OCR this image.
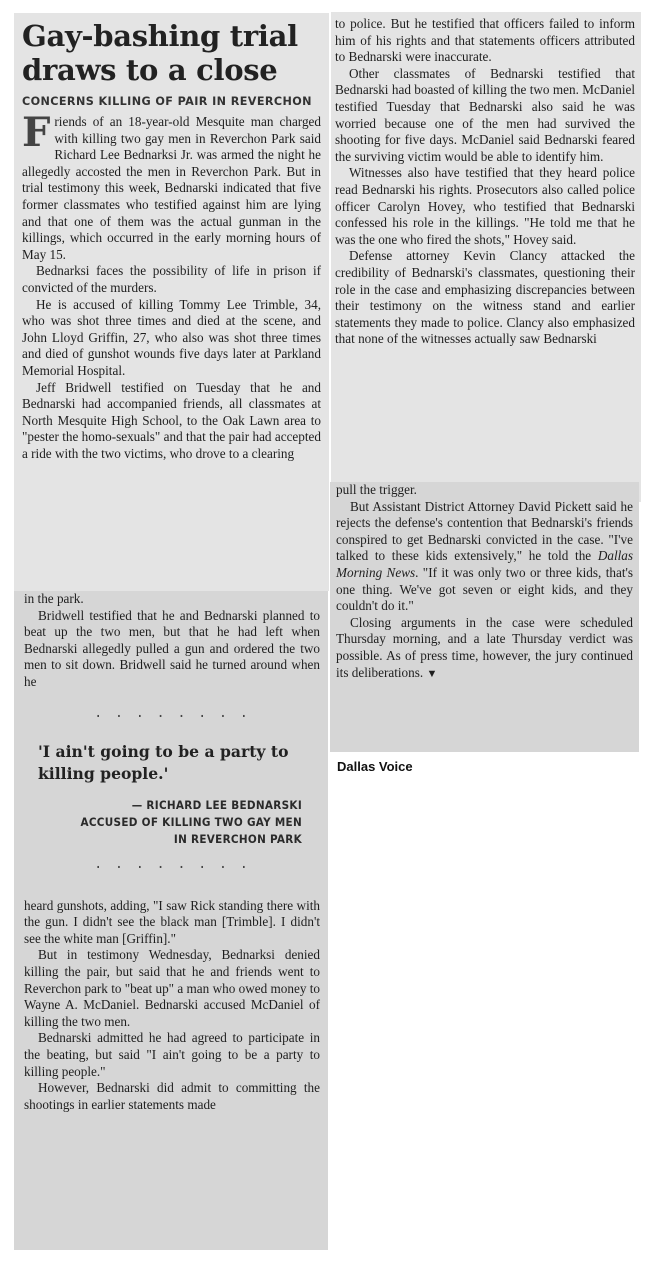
Gay-bashing trial draws to a close
CONCERNS KILLING OF PAIR IN REVERCHON

Friends of an 18-year-old Mesquite man charged with killing two gay men in Reverchon Park said Richard Lee Bednarksi Jr. was armed the night he allegedly accosted the men in Reverchon Park. But in trial testimony this week, Bednarski indicated that five former classmates who testified against him are lying and that one of them was the actual gunman in the killings, which occurred in the early morning hours of May 15.

Bednarksi faces the possibility of life in prison if convicted of the murders.

He is accused of killing Tommy Lee Trimble, 34, who was shot three times and died at the scene, and John Lloyd Griffin, 27, who also was shot three times and died of gunshot wounds five days later at Parkland Memorial Hospital.

Jeff Bridwell testified on Tuesday that he and Bednarski had accompanied friends, all classmates at North Mesquite High School, to the Oak Lawn area to "pester the homo-sexuals" and that the pair had accepted a ride with the two victims, who drove to a clearing

in the park.

Bridwell testified that he and Bednarski planned to beat up the two men, but that he had left when Bednarski allegedly pulled a gun and ordered the two men to sit down. Bridwell said he turned around when he

· · · · · · · ·

'I ain't going to be a party to killing people.'

— RICHARD LEE BEDNARSKI
ACCUSED OF KILLING TWO GAY MEN
IN REVERCHON PARK
· · · · · · · ·

heard gunshots, adding, "I saw Rick standing there with the gun. I didn't see the black man [Trimble]. I didn't see the white man [Griffin]."

But in testimony Wednesday, Bednarksi denied killing the pair, but said that he and friends went to Reverchon park to "beat up" a man who owed money to Wayne A. McDaniel. Bednarski accused McDaniel of killing the two men.

Bednarski admitted he had agreed to participate in the beating, but said "I ain't going to be a party to killing people."

However, Bednarski did admit to committing the shootings in earlier statements made

to police. But he testified that officers failed to inform him of his rights and that statements officers attributed to Bednarski were inaccurate.

Other classmates of Bednarski testified that Bednarski had boasted of killing the two men. McDaniel testified Tuesday that Bednarski also said he was worried because one of the men had survived the shooting for five days. McDaniel said Bednarski feared the surviving victim would be able to identify him.

Witnesses also have testified that they heard police read Bednarski his rights. Prosecutors also called police officer Carolyn Hovey, who testified that Bednarski confessed his role in the killings. "He told me that he was the one who fired the shots," Hovey said.

Defense attorney Kevin Clancy attacked the credibility of Bednarski's classmates, questioning their role in the case and emphasizing discrepancies between their testimony on the witness stand and earlier statements they made to police. Clancy also emphasized that none of the witnesses actually saw Bednarski

pull the trigger.

But Assistant District Attorney David Pickett said he rejects the defense's contention that Bednarski's friends conspired to get Bednarski convicted in the case. "I've talked to these kids extensively," he told the Dallas Morning News. "If it was only two or three kids, that's one thing. We've got seven or eight kids, and they couldn't do it."

Closing arguments in the case were scheduled Thursday morning, and a late Thursday verdict was possible. As of press time, however, the jury continued its deliberations. ▼

Dallas Voice
